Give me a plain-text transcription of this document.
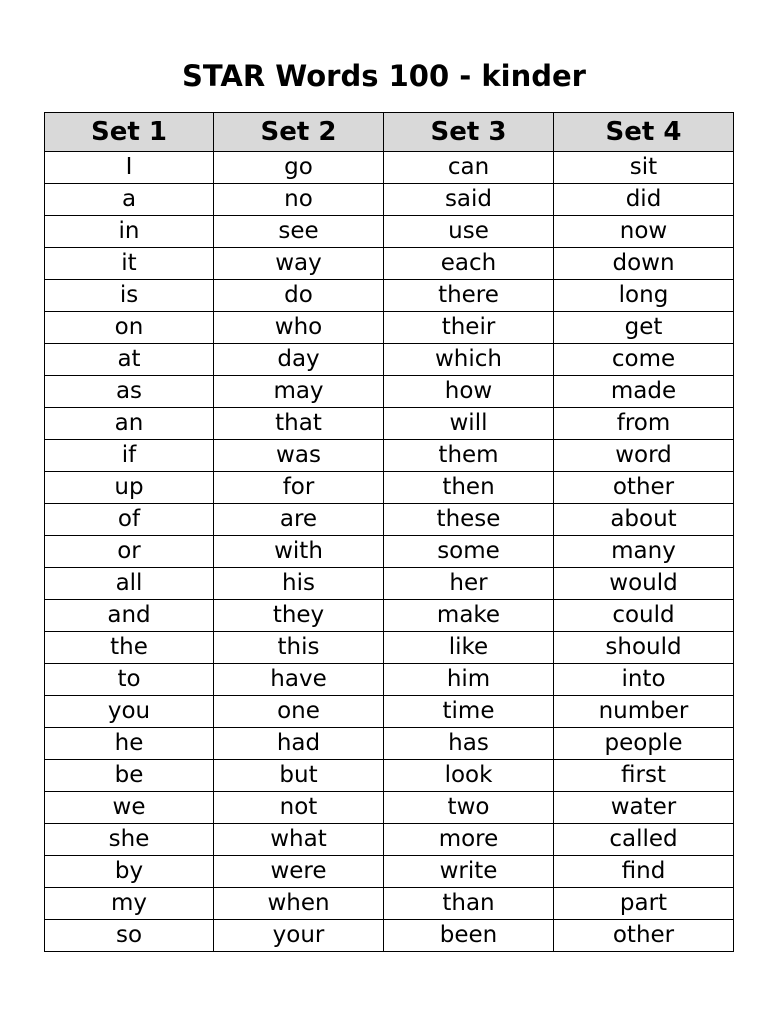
STAR Words 100 - kinder
Set 1	Set 2	Set 3	Set 4
I	go	can	sit
a	no	said	did
in	see	use	now
it	way	each	down
is	do	there	long
on	who	their	get
at	day	which	come
as	may	how	made
an	that	will	from
if	was	them	word
up	for	then	other
of	are	these	about
or	with	some	many
all	his	her	would
and	they	make	could
the	this	like	should
to	have	him	into
you	one	time	number
he	had	has	people
be	but	look	first
we	not	two	water
she	what	more	called
by	were	write	find
my	when	than	part
so	your	been	other
